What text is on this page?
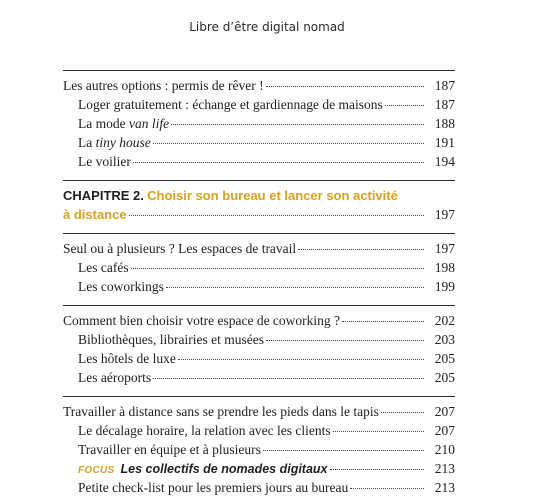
Libre d’être digital nomad
Les autres options : permis de rêver !	187
Loger gratuitement : échange et gardiennage de maisons	187
La mode van life	188
La tiny house	191
Le voilier	194
CHAPITRE 2.
Choisir son bureau et lancer son activité
à distance	197
Seul ou à plusieurs ? Les espaces de travail	197
Les cafés	198
Les coworkings	199
Comment bien choisir votre espace de coworking ?	202
Bibliothèques, librairies et musées	203
Les hôtels de luxe	205
Les aéroports	205
Travailler à distance sans se prendre les pieds dans le tapis	207
Le décalage horaire, la relation avec les clients	207
Travailler en équipe et à plusieurs	210
FOCUS Les collectifs de nomades digitaux	213
Petite check-list pour les premiers jours au bureau	213
